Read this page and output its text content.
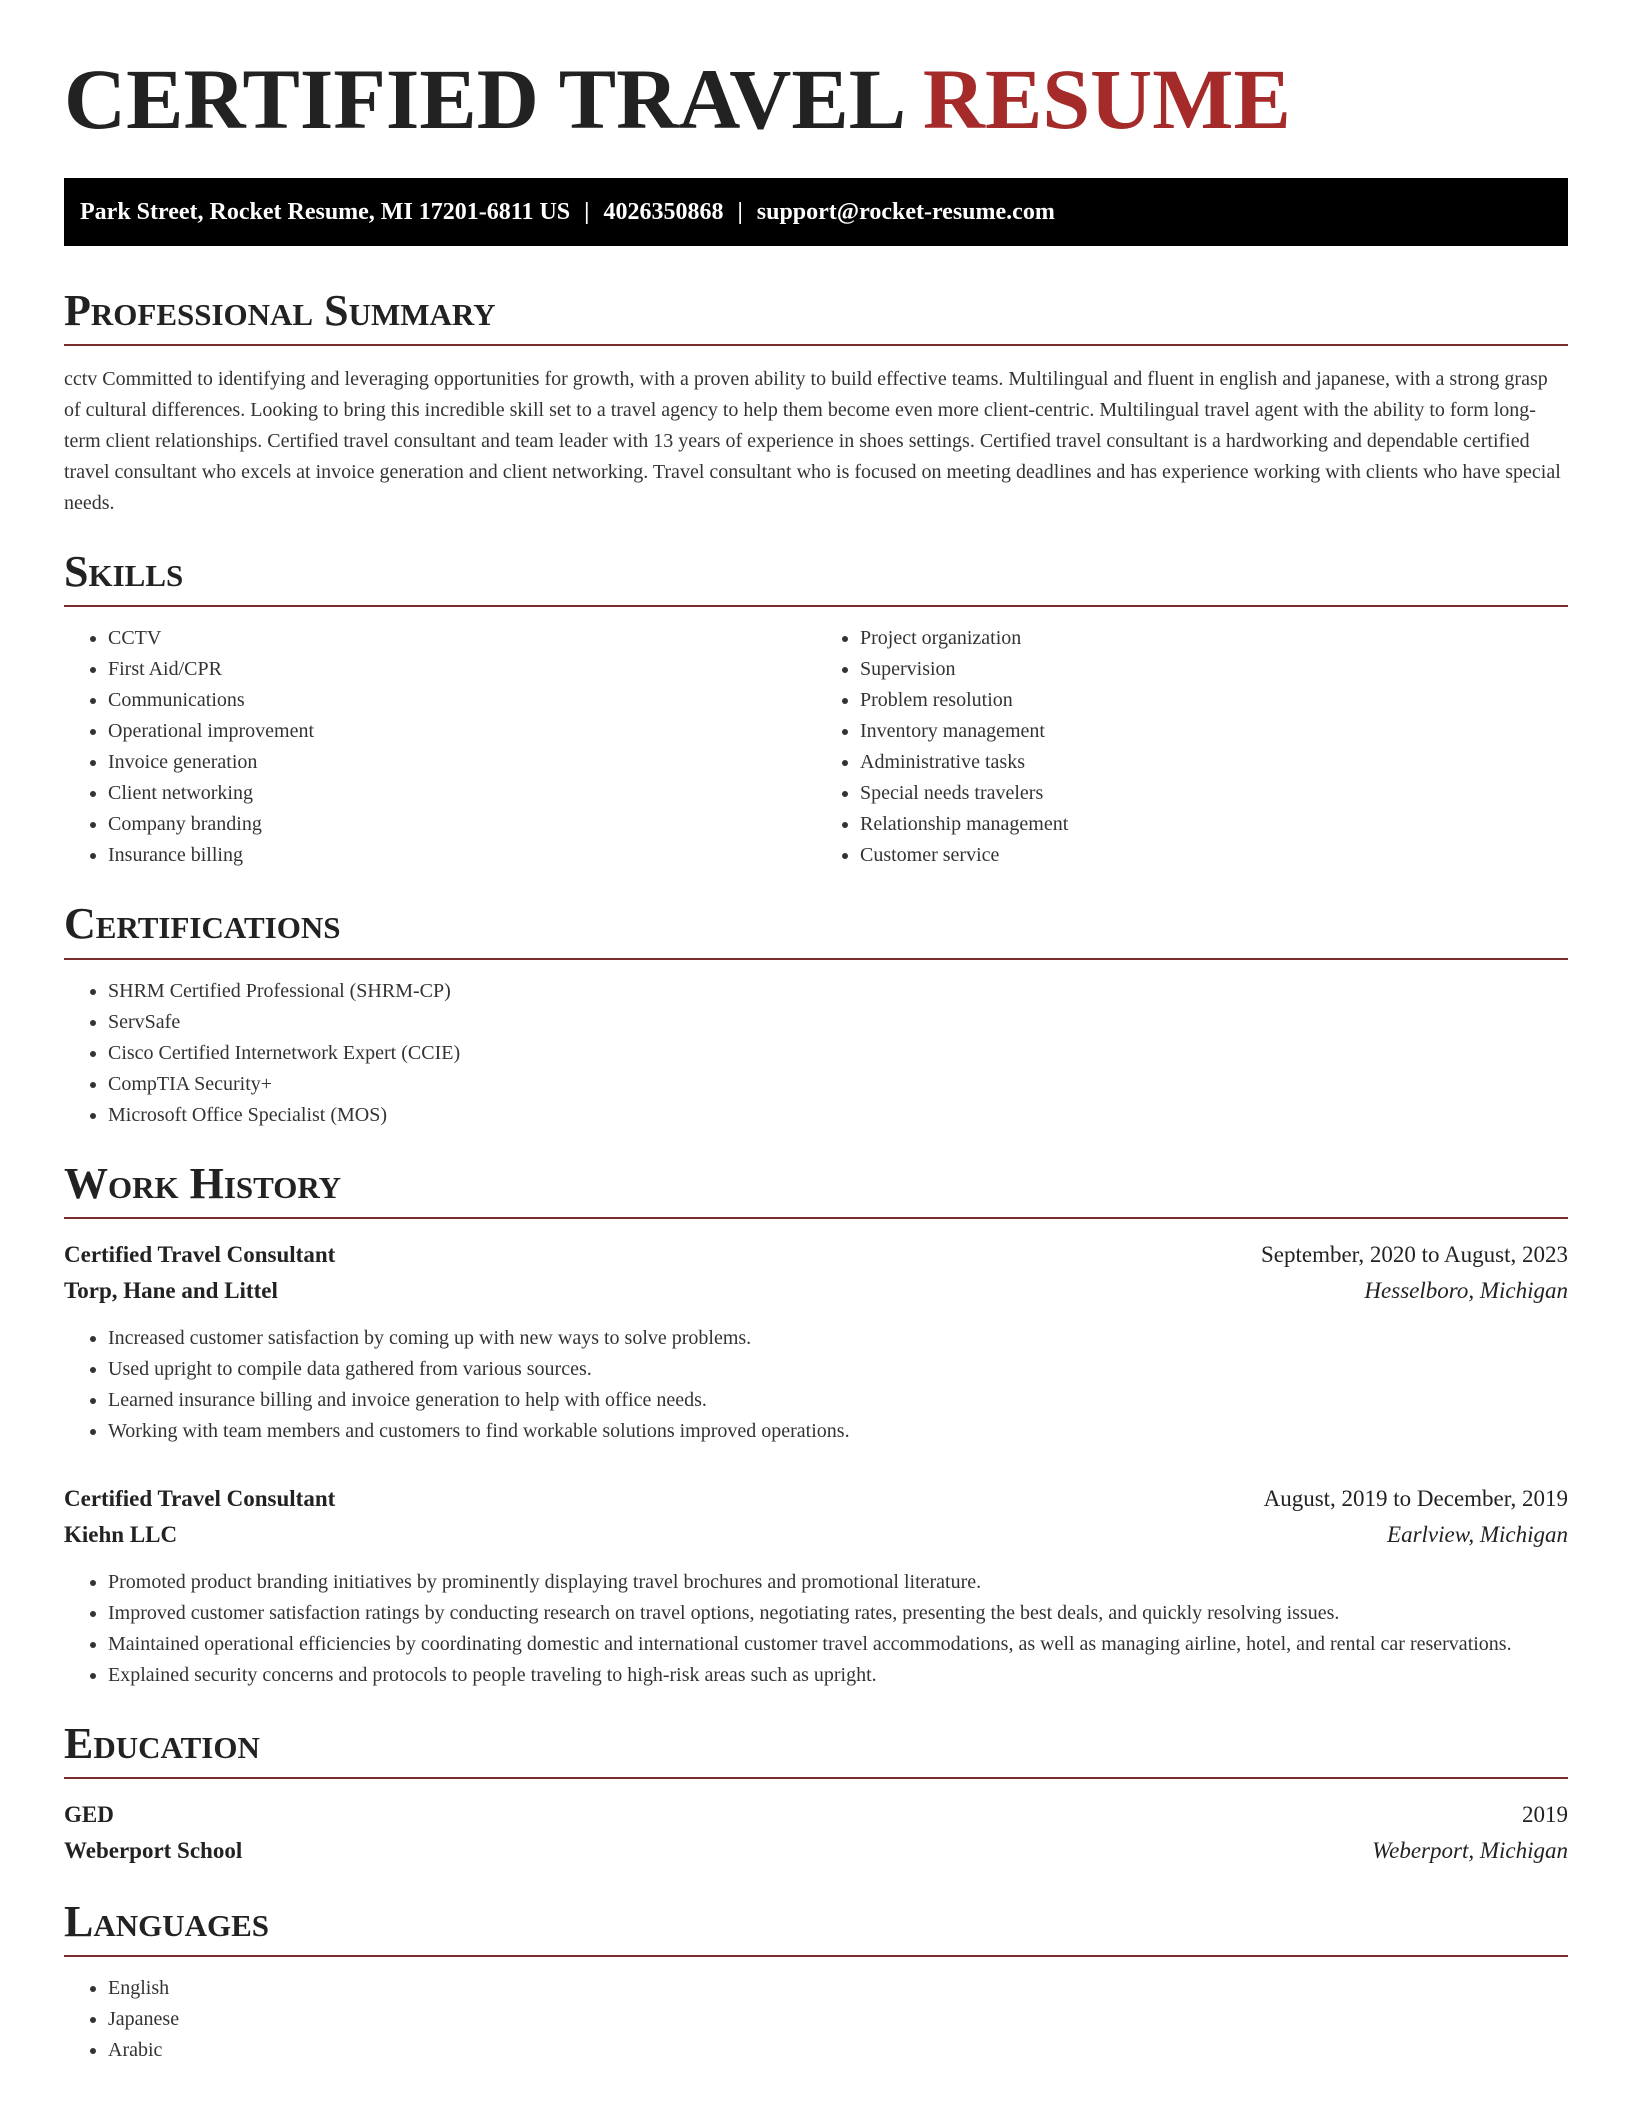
CERTIFIED TRAVEL RESUME
Park Street, Rocket Resume, MI 17201-6811 US | 4026350868 | support@rocket-resume.com
Professional Summary

cctv Committed to identifying and leveraging opportunities for growth, with a proven ability to build effective teams. Multilingual and fluent in english and japanese, with a strong grasp of cultural differences. Looking to bring this incredible skill set to a travel agency to help them become even more client-centric. Multilingual travel agent with the ability to form long-term client relationships. Certified travel consultant and team leader with 13 years of experience in shoes settings. Certified travel consultant is a hardworking and dependable certified travel consultant who excels at invoice generation and client networking. Travel consultant who is focused on meeting deadlines and has experience working with clients who have special needs.

Skills
• CCTV
• First Aid/CPR
• Communications
• Operational improvement
• Invoice generation
• Client networking
• Company branding
• Insurance billing
• Project organization
• Supervision
• Problem resolution
• Inventory management
• Administrative tasks
• Special needs travelers
• Relationship management
• Customer service
Certifications
• SHRM Certified Professional (SHRM-CP)
• ServSafe
• Cisco Certified Internetwork Expert (CCIE)
• CompTIA Security+
• Microsoft Office Specialist (MOS)
Work History
Certified Travel Consultant	September, 2020 to August, 2023
Torp, Hane and Littel	Hesselboro, Michigan
• Increased customer satisfaction by coming up with new ways to solve problems.
• Used upright to compile data gathered from various sources.
• Learned insurance billing and invoice generation to help with office needs.
• Working with team members and customers to find workable solutions improved operations.
Certified Travel Consultant	August, 2019 to December, 2019
Kiehn LLC	Earlview, Michigan
• Promoted product branding initiatives by prominently displaying travel brochures and promotional literature.
• Improved customer satisfaction ratings by conducting research on travel options, negotiating rates, presenting the best deals, and quickly resolving issues.
• Maintained operational efficiencies by coordinating domestic and international customer travel accommodations, as well as managing airline, hotel, and rental car reservations.
• Explained security concerns and protocols to people traveling to high-risk areas such as upright.
Education
GED	2019
Weberport School	Weberport, Michigan
Languages
• English
• Japanese
• Arabic
